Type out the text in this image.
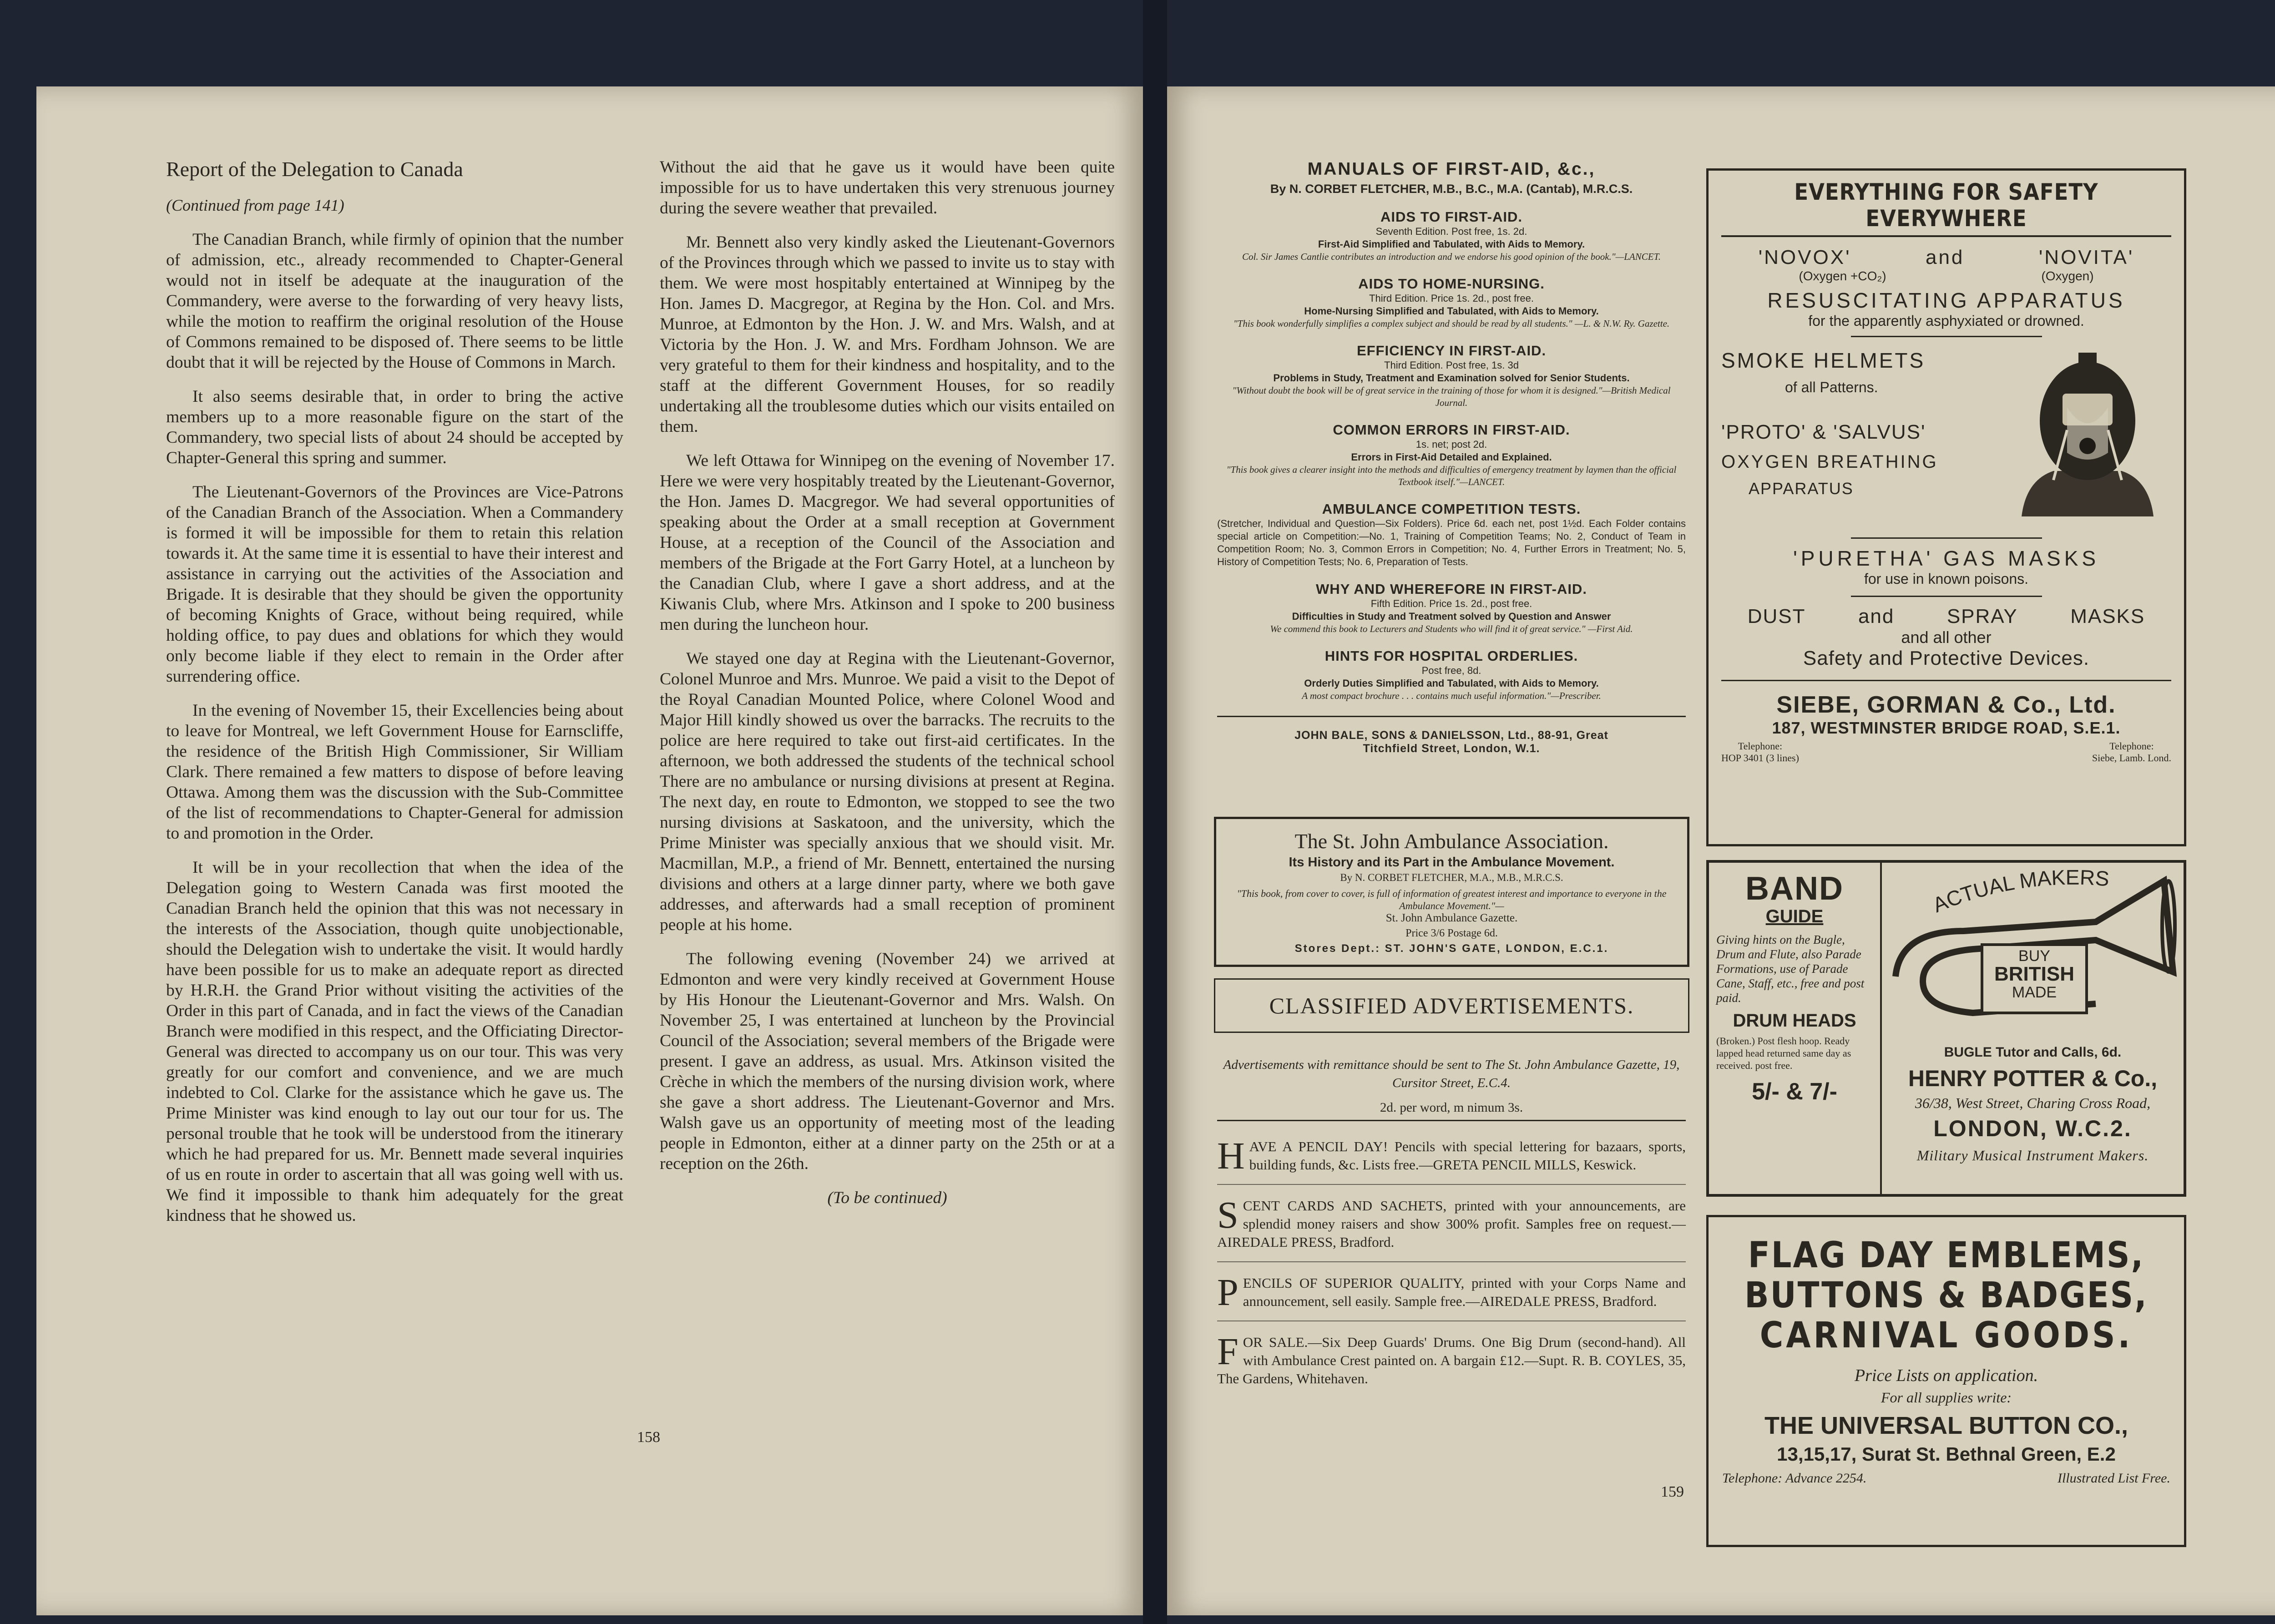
Report of the Delegation to Canada

(Continued from page 141)

The Canadian Branch, while firmly of opinion that the number of admission, etc., already recommended to Chapter-General would not in itself be adequate at the inauguration of the Commandery, were averse to the forwarding of very heavy lists, while the motion to reaffirm the original resolution of the House of Commons remained to be disposed of. There seems to be little doubt that it will be rejected by the House of Commons in March.

It also seems desirable that, in order to bring the active members up to a more reasonable figure on the start of the Commandery, two special lists of about 24 should be accepted by Chapter-General this spring and summer.

The Lieutenant-Governors of the Provinces are Vice-Patrons of the Canadian Branch of the Association. When a Commandery is formed it will be impossible for them to retain this relation towards it. At the same time it is essential to have their interest and assistance in carrying out the activities of the Association and Brigade. It is desirable that they should be given the opportunity of becoming Knights of Grace, without being required, while holding office, to pay dues and oblations for which they would only become liable if they elect to remain in the Order after surrendering office.

In the evening of November 15, their Excellencies being about to leave for Montreal, we left Government House for Earnscliffe, the residence of the British High Commissioner, Sir William Clark. There remained a few matters to dispose of before leaving Ottawa. Among them was the discussion with the Sub-Committee of the list of recommendations to Chapter-General for admission to and promotion in the Order.

It will be in your recollection that when the idea of the Delegation going to Western Canada was first mooted the Canadian Branch held the opinion that this was not necessary in the interests of the Association, though quite unobjectionable, should the Delegation wish to undertake the visit. It would hardly have been possible for us to make an adequate report as directed by H.R.H. the Grand Prior without visiting the activities of the Order in this part of Canada, and in fact the views of the Canadian Branch were modified in this respect, and the Officiating Director-General was directed to accompany us on our tour. This was very greatly for our comfort and convenience, and we are much indebted to Col. Clarke for the assistance which he gave us. The Prime Minister was kind enough to lay out our tour for us. The personal trouble that he took will be understood from the itinerary which he had prepared for us. Mr. Bennett made several inquiries of us en route in order to ascertain that all was going well with us. We find it impossible to thank him adequately for the great kindness that he showed us.

Without the aid that he gave us it would have been quite impossible for us to have undertaken this very strenuous journey during the severe weather that prevailed.

Mr. Bennett also very kindly asked the Lieutenant-Governors of the Provinces through which we passed to invite us to stay with them. We were most hospitably entertained at Winnipeg by the Hon. James D. Macgregor, at Regina by the Hon. Col. and Mrs. Munroe, at Edmonton by the Hon. J. W. and Mrs. Walsh, and at Victoria by the Hon. J. W. and Mrs. Fordham Johnson. We are very grateful to them for their kindness and hospitality, and to the staff at the different Government Houses, for so readily undertaking all the troublesome duties which our visits entailed on them.

We left Ottawa for Winnipeg on the evening of November 17. Here we were very hospitably treated by the Lieutenant-Governor, the Hon. James D. Macgregor. We had several opportunities of speaking about the Order at a small reception at Government House, at a reception of the Council of the Association and members of the Brigade at the Fort Garry Hotel, at a luncheon by the Canadian Club, where I gave a short address, and at the Kiwanis Club, where Mrs. Atkinson and I spoke to 200 business men during the luncheon hour.

We stayed one day at Regina with the Lieutenant-Governor, Colonel Munroe and Mrs. Munroe. We paid a visit to the Depot of the Royal Canadian Mounted Police, where Colonel Wood and Major Hill kindly showed us over the barracks. The recruits to the police are here required to take out first-aid certificates. In the afternoon, we both addressed the students of the technical school There are no ambulance or nursing divisions at present at Regina. The next day, en route to Edmonton, we stopped to see the two nursing divisions at Saskatoon, and the university, which the Prime Minister was specially anxious that we should visit. Mr. Macmillan, M.P., a friend of Mr. Bennett, entertained the nursing divisions and others at a large dinner party, where we both gave addresses, and afterwards had a small reception of prominent people at his home.

The following evening (November 24) we arrived at Edmonton and were very kindly received at Government House by His Honour the Lieutenant-Governor and Mrs. Walsh. On November 25, I was entertained at luncheon by the Provincial Council of the Association; several members of the Brigade were present. I gave an address, as usual. Mrs. Atkinson visited the Crèche in which the members of the nursing division work, where she gave a short address. The Lieutenant-Governor and Mrs. Walsh gave us an opportunity of meeting most of the leading people in Edmonton, either at a dinner party on the 25th or at a reception on the 26th.

(To be continued)

158
MANUALS OF FIRST-AID, &c.,
By N. CORBET FLETCHER, M.B., B.C., M.A. (Cantab), M.R.C.S.
AIDS TO FIRST-AID.
Seventh Edition. Post free, 1s. 2d.
First-Aid Simplified and Tabulated, with Aids to Memory.
Col. Sir James Cantlie contributes an introduction and we endorse his good opinion of the book."—LANCET.
AIDS TO HOME-NURSING.
Third Edition. Price 1s. 2d., post free.
Home-Nursing Simplified and Tabulated, with Aids to Memory.
"This book wonderfully simplifies a complex subject and should be read by all students." —L. & N.W. Ry. Gazette.
EFFICIENCY IN FIRST-AID.
Third Edition. Post free, 1s. 3d
Problems in Study, Treatment and Examination solved for Senior Students.
"Without doubt the book will be of great service in the training of those for whom it is designed."—British Medical Journal.
COMMON ERRORS IN FIRST-AID.
1s. net; post 2d.
Errors in First-Aid Detailed and Explained.
"This book gives a clearer insight into the methods and difficulties of emergency treatment by laymen than the official Textbook itself."—LANCET.
AMBULANCE COMPETITION TESTS.
(Stretcher, Individual and Question—Six Folders). Price 6d. each net, post 1½d. Each Folder contains special article on Competition:—No. 1, Training of Competition Teams; No. 2, Conduct of Team in Competition Room; No. 3, Common Errors in Competition; No. 4, Further Errors in Treatment; No. 5, History of Competition Tests; No. 6, Preparation of Tests.
WHY AND WHEREFORE IN FIRST-AID.
Fifth Edition. Price 1s. 2d., post free.
Difficulties in Study and Treatment solved by Question and Answer
We commend this book to Lecturers and Students who will find it of great service." —First Aid.
HINTS FOR HOSPITAL ORDERLIES.
Post free, 8d.
Orderly Duties Simplified and Tabulated, with Aids to Memory.
A most compact brochure . . . contains much useful information."—Prescriber.
JOHN BALE, SONS & DANIELSSON, Ltd., 88-91, Great Titchfield Street, London, W.1.
The St. John Ambulance Association.
Its History and its Part in the Ambulance Movement.
By N. CORBET FLETCHER, M.A., M.B., M.R.C.S.
"This book, from cover to cover, is full of information of greatest interest and importance to everyone in the Ambulance Movement."—
St. John Ambulance Gazette.
Price 3/6 Postage 6d.
Stores Dept.: ST. JOHN'S GATE, LONDON, E.C.1.
CLASSIFIED ADVERTISEMENTS.
Advertisements with remittance should be sent to The St. John Ambulance Gazette, 19, Cursitor Street, E.C.4.
2d. per word, m nimum 3s.
H AVE A PENCIL DAY! Pencils with special lettering for bazaars, sports, building funds, &c. Lists free.—GRETA PENCIL MILLS, Keswick.

S CENT CARDS AND SACHETS, printed with your announcements, are splendid money raisers and show 300% profit. Samples free on request.—AIREDALE PRESS, Bradford.

P ENCILS OF SUPERIOR QUALITY, printed with your Corps Name and announcement, sell easily. Sample free.—AIREDALE PRESS, Bradford.

F OR SALE.—Six Deep Guards' Drums. One Big Drum (second-hand). All with Ambulance Crest painted on. A bargain £12.—Supt. R. B. COYLES, 35, The Gardens, Whitehaven.

EVERYTHING FOR SAFETY EVERYWHERE
'NOVOX'	and	'NOVITA'
(Oxygen +CO₂)	(Oxygen)
RESUSCITATING APPARATUS
for the apparently asphyxiated or drowned.
SMOKE HELMETS
of all Patterns.
'PROTO' & 'SALVUS'
OXYGEN BREATHING
APPARATUS
'PURETHA' GAS MASKS
for use in known poisons.
DUST	and	SPRAY	MASKS
and all other
Safety and Protective Devices.
SIEBE, GORMAN & Co., Ltd.
187, WESTMINSTER BRIDGE ROAD, S.E.1.
Telephone:
HOP 3401 (3 lines)
Telephone:
Siebe, Lamb. Lond.
BAND
GUIDE
Giving hints on the Bugle, Drum and Flute, also Parade Formations, use of Parade Cane, Staff, etc., free and post paid.
DRUM HEADS
(Broken.) Post flesh hoop. Ready lapped head returned same day as received. post free.
5/- & 7/-
ACTUAL MAKERS
BUY
BRITISH
MADE
BUGLE Tutor and Calls, 6d.
HENRY POTTER & Co.,
36/38, West Street, Charing Cross Road,
LONDON, W.C.2.
Military Musical Instrument Makers.
FLAG DAY EMBLEMS,
BUTTONS & BADGES,
CARNIVAL GOODS.
Price Lists on application.
For all supplies write:
THE UNIVERSAL BUTTON CO.,
13,15,17, Surat St. Bethnal Green, E.2
Telephone: Advance 2254.	Illustrated List Free.
159
